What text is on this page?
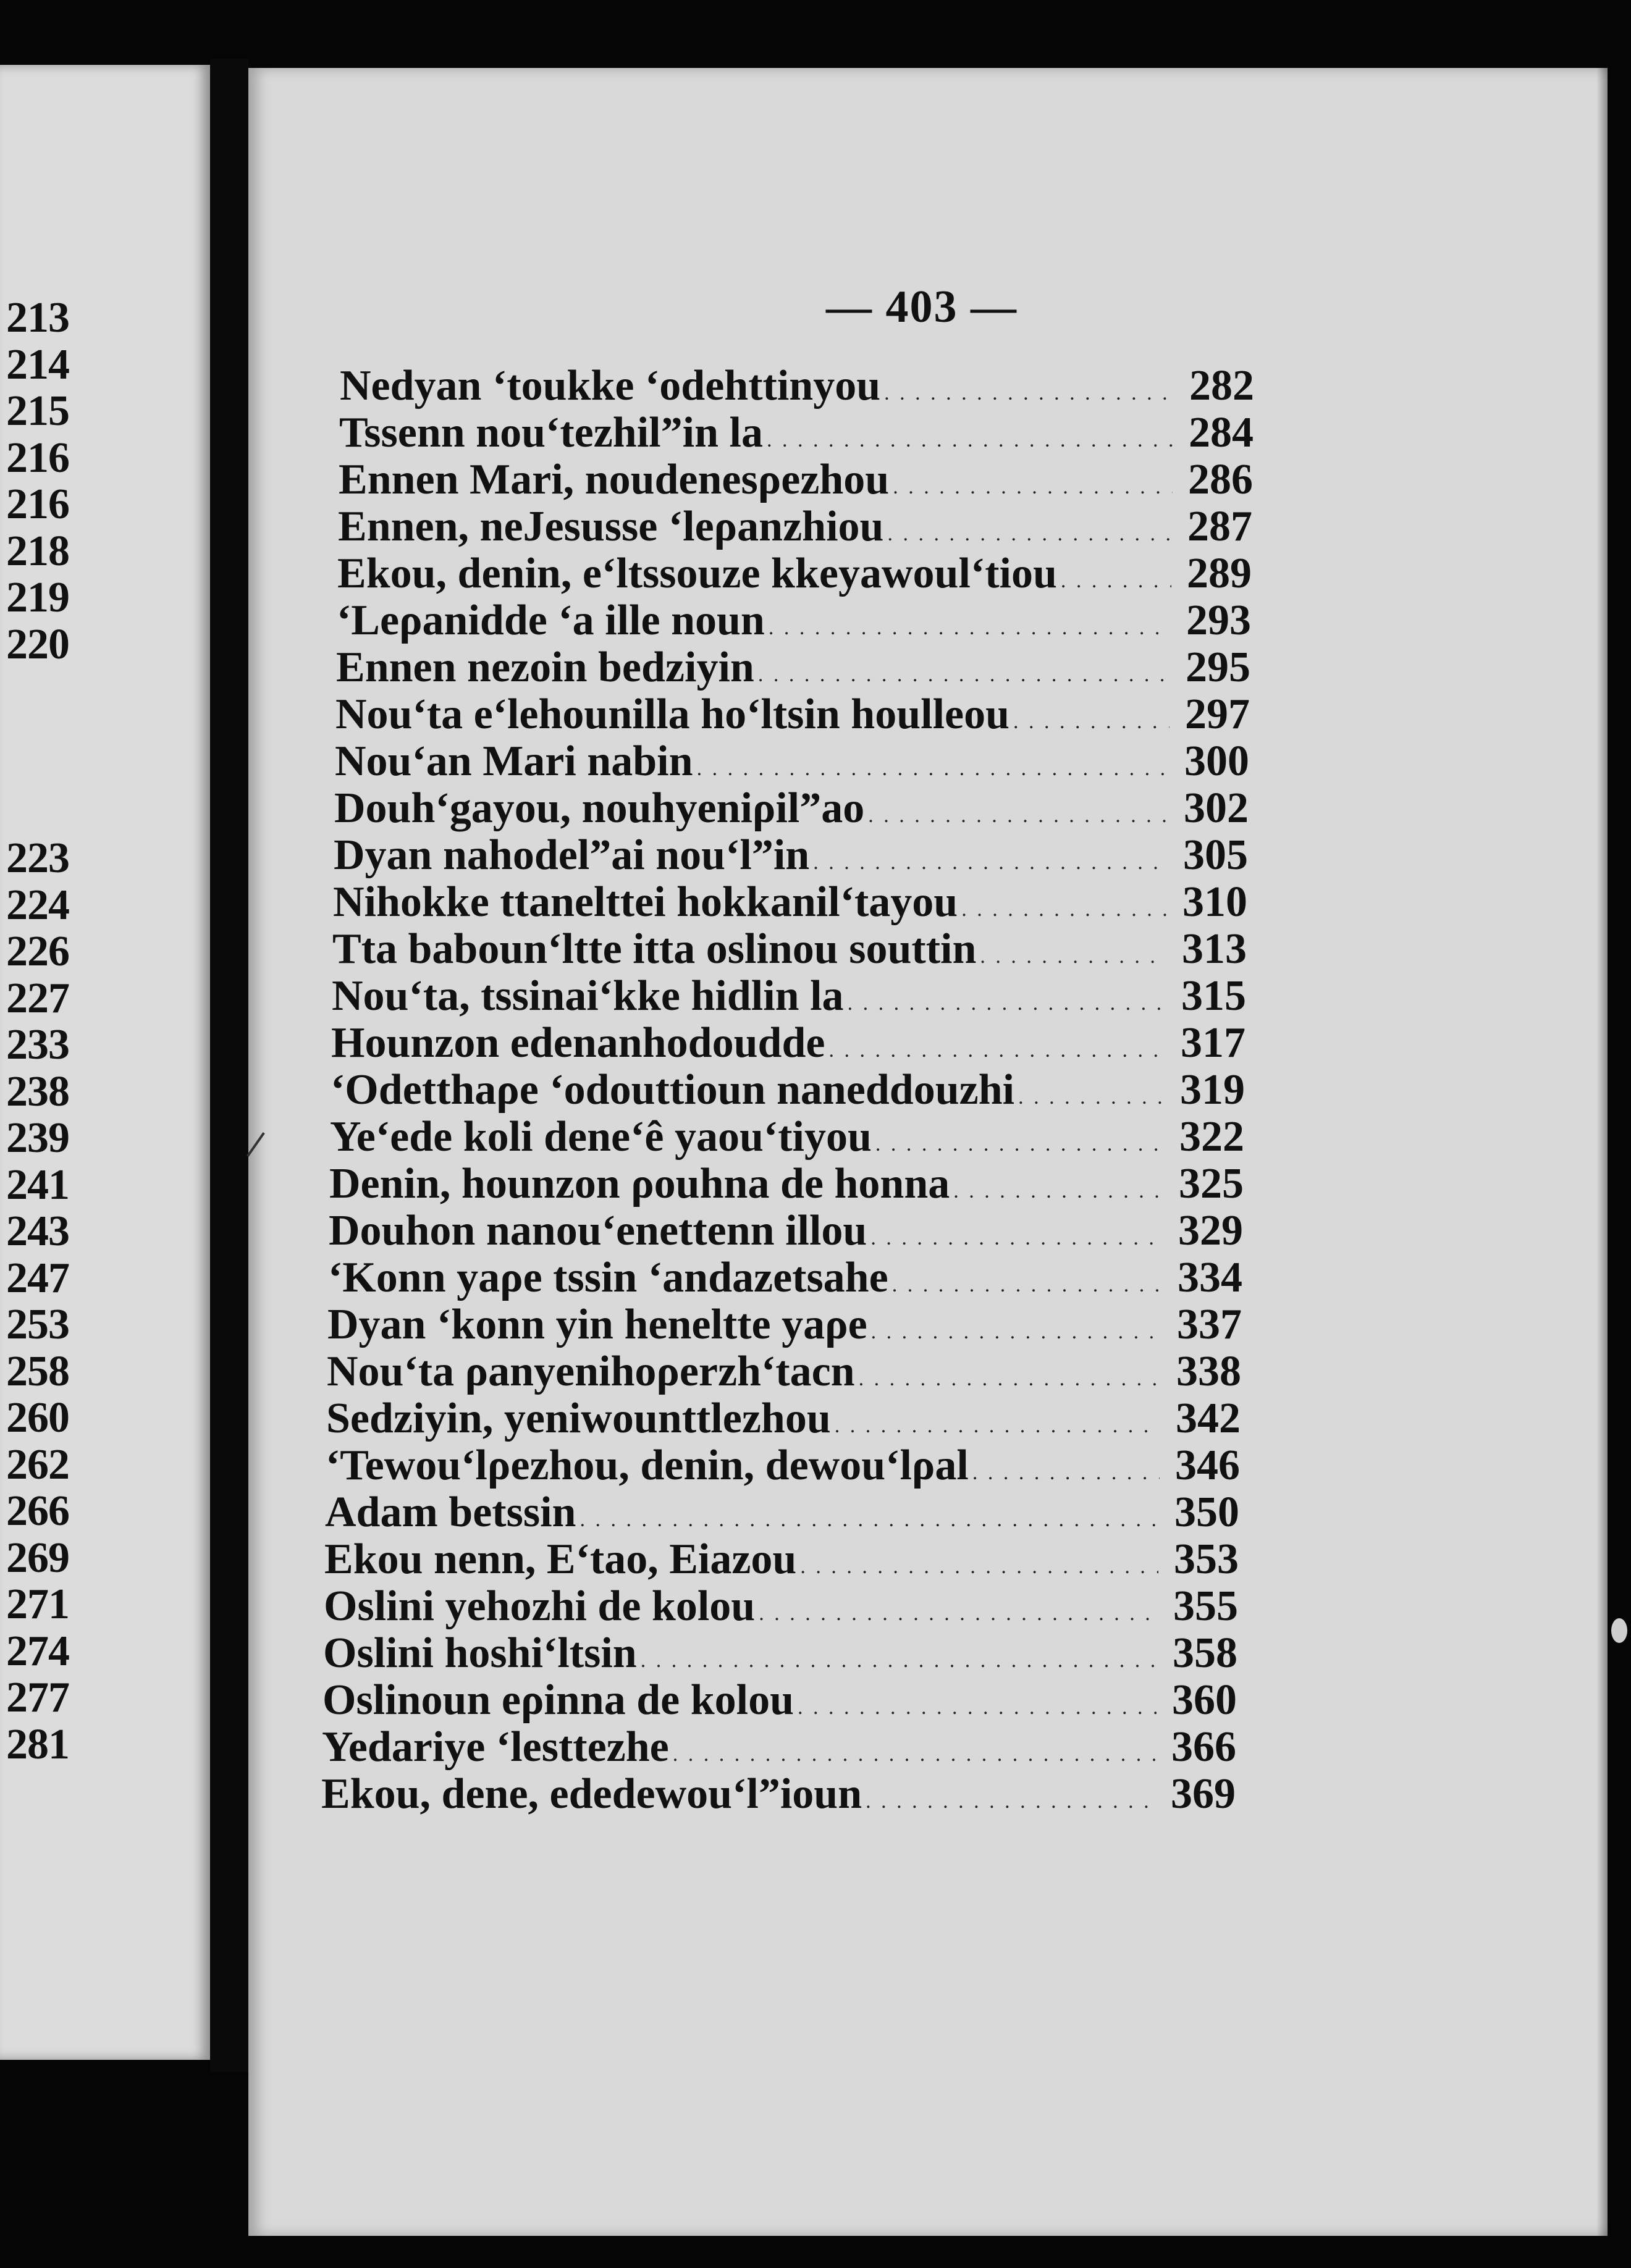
213
214
215
216
216
218
219
220
223
224
226
227
233
238
239
241
243
247
253
258
260
262
266
269
271
274
277
281
— 403 —
Nedyan ‘toukke ‘odehttinyou . . .	282
Tssenn nou‘tezhil”in la . . .	284
Ennen Mari, noudenesρezhou . . .	286
Ennen, neJesusse ‘leρanzhiou . . .	287
Ekou, denin, e‘ltssouze kkeyawoul‘tiou . . .	289
‘Leρanidde ‘a ille noun . . .	293
Ennen nezoin bedziyin . . .	295
Nou‘ta e‘lehounilla ho‘ltsin houlleou . . .	297
Nou‘an Mari nabin . . .	300
Douh‘gayou, nouhyeniρil”ao . . .	302
Dyan nahodel”ai nou‘l”in . . .	305
Nihokke ttanelttei hokkanil‘tayou . . .	310
Tta baboun‘ltte itta oslinou souttin . . .	313
Nou‘ta, tssinai‘kke hidlin la . . .	315
Hounzon edenanhodoudde . . .	317
‘Odetthaρe ‘odouttioun naneddouzhi . . .	319
Ye‘ede koli dene‘ê yaou‘tiyou . . .	322
Denin, hounzon ρouhna de honna . . .	325
Douhon nanou‘enettenn illou . . .	329
‘Konn yaρe tssin ‘andazetsahe . . .	334
Dyan ‘konn yin heneltte yaρe . . .	337
Nou‘ta ρanyenihoρerzh‘tacn . . .	338
Sedziyin, yeniwounttlezhou . . .	342
‘Tewou‘lρezhou, denin, dewou‘lρal . . .	346
Adam betssin . . .	350
Ekou nenn, E‘tao, Eiazou . . .	353
Oslini yehozhi de kolou . . .	355
Oslini hoshi‘ltsin . . .	358
Oslinoun eρinna de kolou . . .	360
Yedariye ‘lesttezhe . . .	366
Ekou, dene, ededewou‘l”ioun . . .	369
